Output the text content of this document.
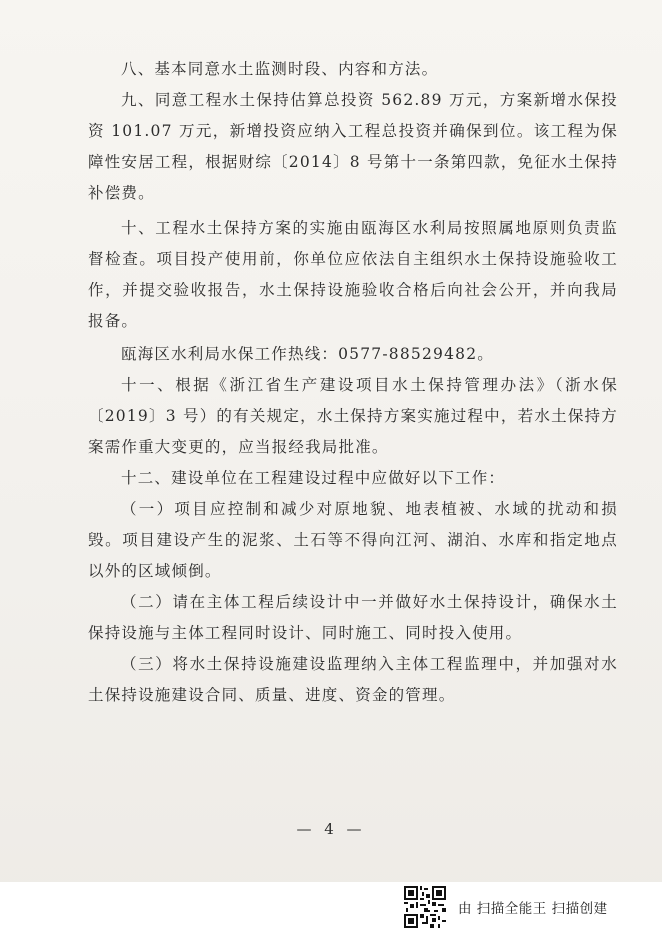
八、基本同意水土监测时段、内容和方法。

九、同意工程水土保持估算总投资 562.89 万元，方案新增水保投资 101.07 万元，新增投资应纳入工程总投资并确保到位。该工程为保障性安居工程，根据财综〔2014〕8 号第十一条第四款，免征水土保持补偿费。

十、工程水土保持方案的实施由瓯海区水利局按照属地原则负责监督检查。项目投产使用前，你单位应依法自主组织水土保持设施验收工作，并提交验收报告，水土保持设施验收合格后向社会公开，并向我局报备。

瓯海区水利局水保工作热线：0577-88529482。

十一、根据《浙江省生产建设项目水土保持管理办法》（浙水保〔2019〕3 号）的有关规定，水土保持方案实施过程中，若水土保持方案需作重大变更的，应当报经我局批准。

十二、建设单位在工程建设过程中应做好以下工作：

（一）项目应控制和减少对原地貌、地表植被、水域的扰动和损毁。项目建设产生的泥浆、土石等不得向江河、湖泊、水库和指定地点以外的区域倾倒。

（二）请在主体工程后续设计中一并做好水土保持设计，确保水土保持设施与主体工程同时设计、同时施工、同时投入使用。

（三）将水土保持设施建设监理纳入主体工程监理中，并加强对水土保持设施建设合同、质量、进度、资金的管理。

— 4 —
由 扫描全能王 扫描创建
